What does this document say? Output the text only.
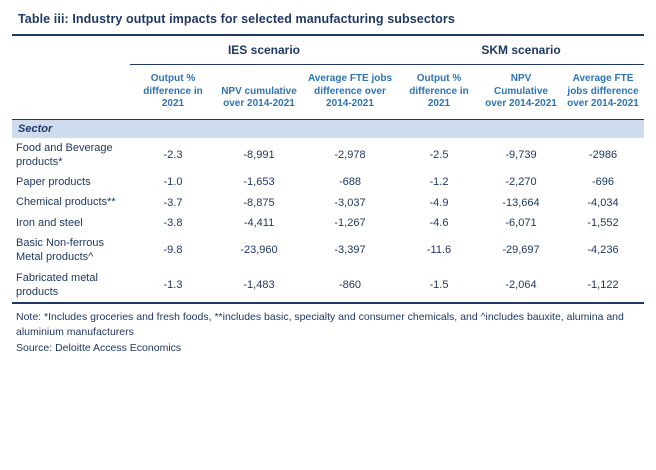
Table iii: Industry output impacts for selected manufacturing subsectors

	IES scenario			SKM scenario		
	Output % difference in 2021	NPV cumulative over 2014-2021	Average FTE jobs difference over 2014-2021	Output % difference in 2021	NPV Cumulative over 2014-2021	Average FTE jobs difference over 2014-2021

Sector						
Food and Beverage products*	-2.3	-8,991	-2,978	-2.5	-9,739	-2986
Paper products	-1.0	-1,653	-688	-1.2	-2,270	-696
Chemical products**	-3.7	-8,875	-3,037	-4.9	-13,664	-4,034
Iron and steel	-3.8	-4,411	-1,267	-4.6	-6,071	-1,552
Basic Non-ferrous Metal products^	-9.8	-23,960	-3,397	-11.6	-29,697	-4,236
Fabricated metal products	-1.3	-1,483	-860	-1.5	-2,064	-1,122

Note: *Includes groceries and fresh foods, **includes basic, specialty and consumer chemicals, and ^includes bauxite, alumina and aluminium manufacturers
Source: Deloitte Access Economics
